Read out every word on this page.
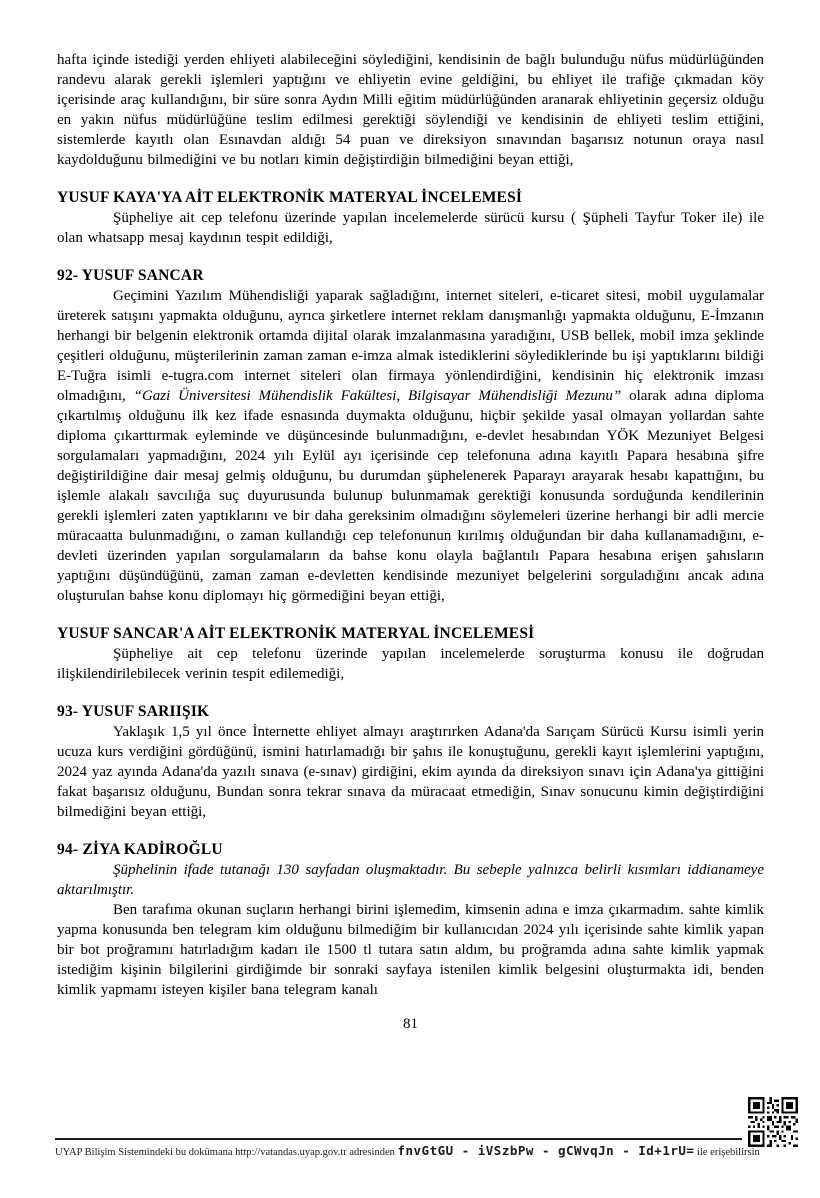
hafta içinde istediği yerden ehliyeti alabileceğini söylediğini, kendisinin de bağlı bulunduğu nüfus müdürlüğünden randevu alarak gerekli işlemleri yaptığını ve ehliyetin evine geldiğini, bu ehliyet ile trafiğe çıkmadan köy içerisinde araç kullandığını, bir süre sonra Aydın Milli eğitim müdürlüğünden aranarak ehliyetinin geçersiz olduğu en yakın nüfus müdürlüğüne teslim edilmesi gerektiği söylendiği ve kendisinin de ehliyeti teslim ettiğini, sistemlerde kayıtlı olan Esınavdan aldığı 54 puan ve direksiyon sınavından başarısız notunun oraya nasıl kaydolduğunu bilmediğini ve bu notları kimin değiştirdiğin bilmediğini beyan ettiği,

YUSUF KAYA'YA AİT ELEKTRONİK MATERYAL İNCELEMESİ

Şüpheliye ait cep telefonu üzerinde yapılan incelemelerde sürücü kursu ( Şüpheli Tayfur Toker ile) ile olan whatsapp mesaj kaydının tespit edildiği,

92- YUSUF SANCAR

Geçimini Yazılım Mühendisliği yaparak sağladığını, internet siteleri, e-ticaret sitesi, mobil uygulamalar üreterek satışını yapmakta olduğunu, ayrıca şirketlere internet reklam danışmanlığı yapmakta olduğunu, E-İmzanın herhangi bir belgenin elektronik ortamda dijital olarak imzalanmasına yaradığını, USB bellek, mobil imza şeklinde çeşitleri olduğunu, müşterilerinin zaman zaman e-imza almak istediklerini söylediklerinde bu işi yaptıklarını bildiği E-Tuğra isimli e-tugra.com internet siteleri olan firmaya yönlendirdiğini, kendisinin hiç elektronik imzası olmadığını, “Gazi Üniversitesi Mühendislik Fakültesi, Bilgisayar Mühendisliği Mezunu” olarak adına diploma çıkartılmış olduğunu ilk kez ifade esnasında duymakta olduğunu, hiçbir şekilde yasal olmayan yollardan sahte diploma çıkarttırmak eyleminde ve düşüncesinde bulunmadığını, e-devlet hesabından YÖK Mezuniyet Belgesi sorgulamaları yapmadığını, 2024 yılı Eylül ayı içerisinde cep telefonuna adına kayıtlı Papara hesabına şifre değiştirildiğine dair mesaj gelmiş olduğunu, bu durumdan şüphelenerek Paparayı arayarak hesabı kapattığını, bu işlemle alakalı savcılığa suç duyurusunda bulunup bulunmamak gerektiği konusunda sorduğunda kendilerinin gerekli işlemleri zaten yaptıklarını ve bir daha gereksinim olmadığını söylemeleri üzerine herhangi bir adli mercie müracaatta bulunmadığını, o zaman kullandığı cep telefonunun kırılmış olduğundan bir daha kullanamadığını, e-devleti üzerinden yapılan sorgulamaların da bahse konu olayla bağlantılı Papara hesabına erişen şahısların yaptığını düşündüğünü, zaman zaman e-devletten kendisinde mezuniyet belgelerini sorguladığını ancak adına oluşturulan bahse konu diplomayı hiç görmediğini beyan ettiği,

YUSUF SANCAR'A AİT ELEKTRONİK MATERYAL İNCELEMESİ

Şüpheliye ait cep telefonu üzerinde yapılan incelemelerde soruşturma konusu ile doğrudan ilişkilendirilebilecek verinin tespit edilemediği,

93- YUSUF SARIIŞIK

Yaklaşık 1,5 yıl önce İnternette ehliyet almayı araştırırken Adana'da Sarıçam Sürücü Kursu isimli yerin ucuza kurs verdiğini gördüğünü, ismini hatırlamadığı bir şahıs ile konuştuğunu, gerekli kayıt işlemlerini yaptığını, 2024 yaz ayında Adana'da yazılı sınava (e-sınav) girdiğini, ekim ayında da direksiyon sınavı için Adana'ya gittiğini fakat başarısız olduğunu, Bundan sonra tekrar sınava da müracaat etmediğin, Sınav sonucunu kimin değiştirdiğini bilmediğini beyan ettiği,

94- ZİYA KADİROĞLU

Şüphelinin ifade tutanağı 130 sayfadan oluşmaktadır. Bu sebeple yalnızca belirli kısımları iddianameye aktarılmıştır.

Ben tarafıma okunan suçların herhangi birini işlemedim, kimsenin adına e imza çıkarmadım. sahte kimlik yapma konusunda ben telegram kim olduğunu bilmediğim bir kullanıcıdan 2024 yılı içerisinde sahte kimlik yapan bir bot proğramını hatırladığım kadarı ile 1500 tl tutara satın aldım, bu proğramda adına sahte kimlik yapmak istediğim kişinin bilgilerini girdiğimde bir sonraki sayfaya istenilen kimlik belgesini oluşturmakta idi, benden kimlik yapmamı isteyen kişiler bana telegram kanalı

81
UYAP Bilişim Sistemindeki bu dokümana http://vatandas.uyap.gov.tr adresinden fnvGtGU - iVSzbPw - gCWvqJn - Id+1rU= ile erişebilirsin
